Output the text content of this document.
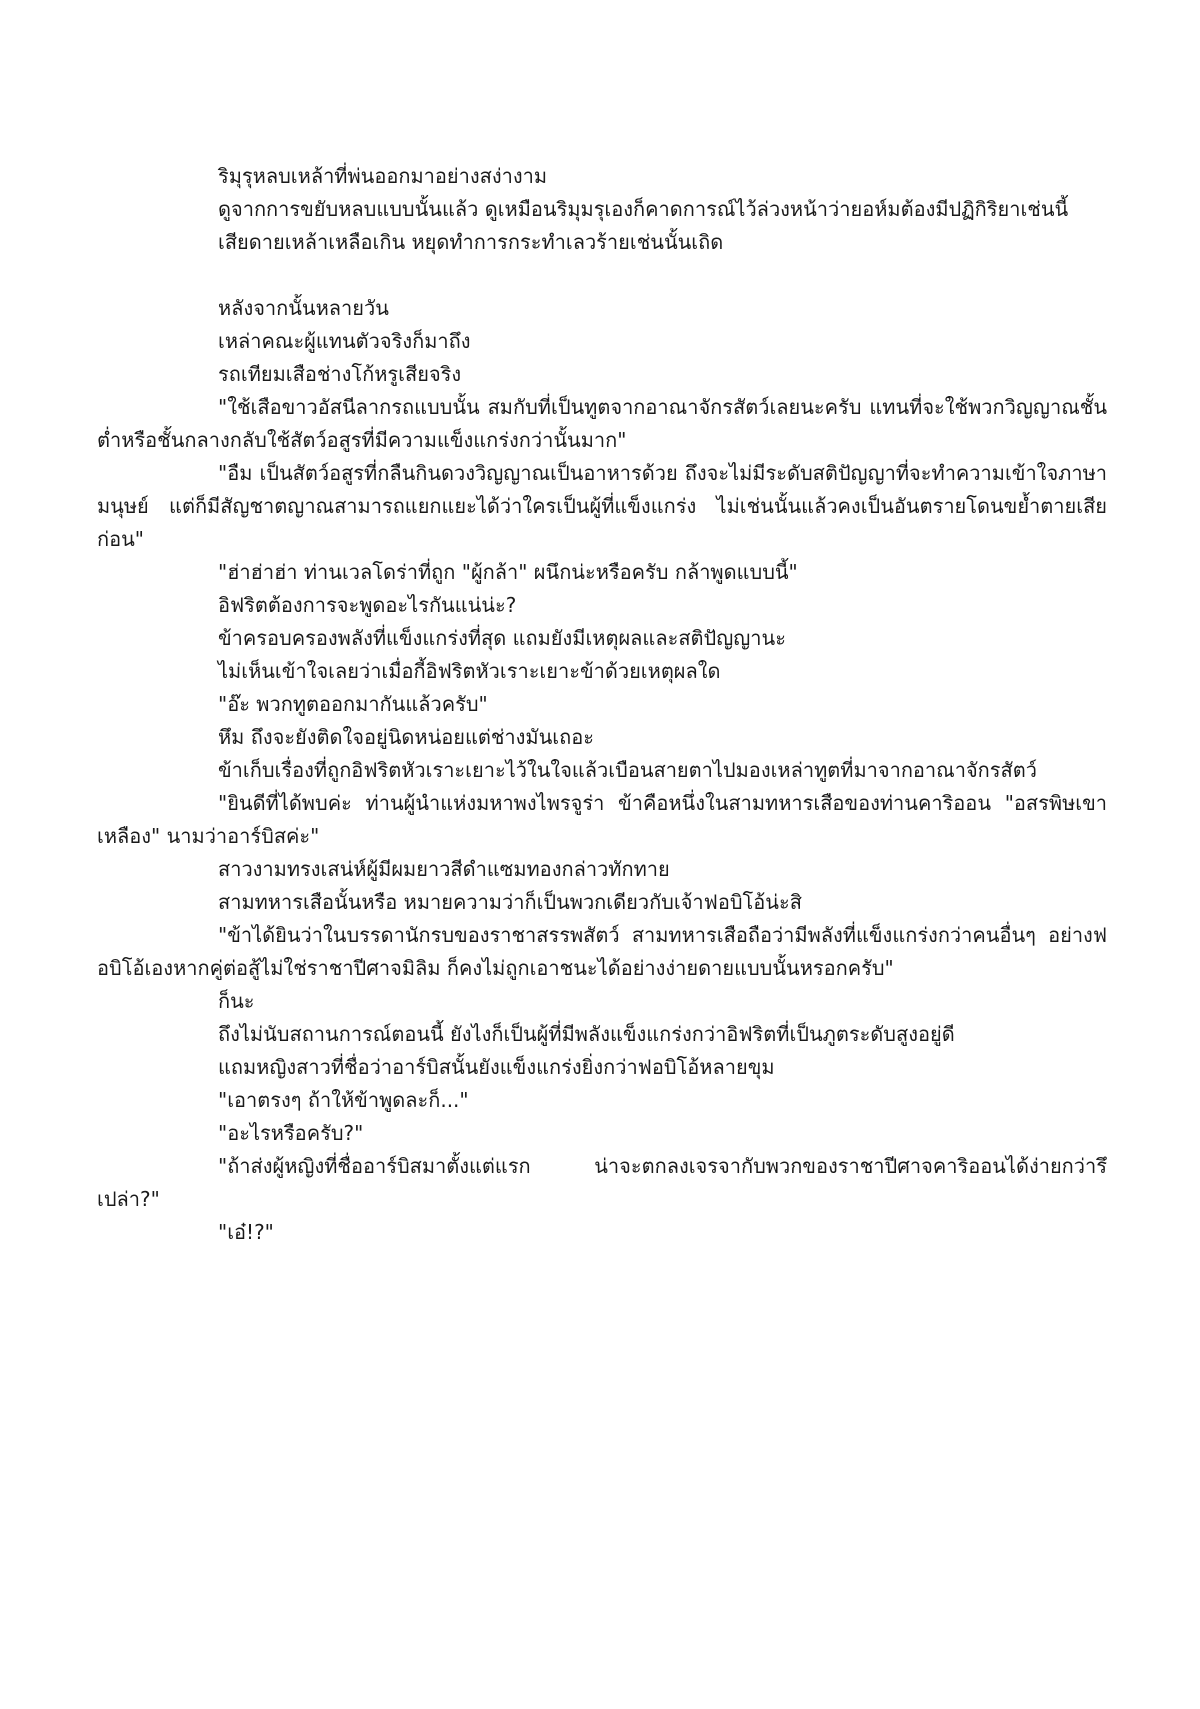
ริมุรุหลบเหล้าที่พ่นออกมาอย่างสง่างาม

ดูจากการขยับหลบแบบนั้นแล้ว ดูเหมือนริมุมรุเองก็คาดการณ์ไว้ล่วงหน้าว่ายอห์มต้องมีปฏิกิริยาเช่นนี้

เสียดายเหล้าเหลือเกิน หยุดทำการกระทำเลวร้ายเช่นนั้นเถิด

หลังจากนั้นหลายวัน

เหล่าคณะผู้แทนตัวจริงก็มาถึง

รถเทียมเสือช่างโก้หรูเสียจริง

"ใช้เสือขาวอัสนีลากรถแบบนั้น สมกับที่เป็นทูตจากอาณาจักรสัตว์เลยนะครับ แทนที่จะใช้พวกวิญญาณชั้นต่ำหรือชั้นกลางกลับใช้สัตว์อสูรที่มีความแข็งแกร่งกว่านั้นมาก"

"อืม เป็นสัตว์อสูรที่กลืนกินดวงวิญญาณเป็นอาหารด้วย ถึงจะไม่มีระดับสติปัญญาที่จะทำความเข้าใจภาษามนุษย์ แต่ก็มีสัญชาตญาณสามารถแยกแยะได้ว่าใครเป็นผู้ที่แข็งแกร่ง ไม่เช่นนั้นแล้วคงเป็นอันตรายโดนขย้ำตายเสียก่อน"

"ฮ่าฮ่าฮ่า ท่านเวลโดร่าที่ถูก "ผู้กล้า" ผนึกน่ะหรือครับ กล้าพูดแบบนี้"

อิฟริตต้องการจะพูดอะไรกันแน่น่ะ?

ข้าครอบครองพลังที่แข็งแกร่งที่สุด แถมยังมีเหตุผลและสติปัญญานะ

ไม่เห็นเข้าใจเลยว่าเมื่อกี้อิฟริตหัวเราะเยาะข้าด้วยเหตุผลใด

"อ๊ะ พวกทูตออกมากันแล้วครับ"

หึม ถึงจะยังติดใจอยู่นิดหน่อยแต่ช่างมันเถอะ

ข้าเก็บเรื่องที่ถูกอิฟริตหัวเราะเยาะไว้ในใจแล้วเบือนสายตาไปมองเหล่าทูตที่มาจากอาณาจักรสัตว์

"ยินดีที่ได้พบค่ะ ท่านผู้นำแห่งมหาพงไพรจูร่า ข้าคือหนึ่งในสามทหารเสือของท่านคาริออน "อสรพิษเขาเหลือง" นามว่าอาร์บิสค่ะ"

สาวงามทรงเสน่ห์ผู้มีผมยาวสีดำแซมทองกล่าวทักทาย

สามทหารเสือนั้นหรือ หมายความว่าก็เป็นพวกเดียวกับเจ้าฟอบิโอ้น่ะสิ

"ข้าได้ยินว่าในบรรดานักรบของราชาสรรพสัตว์ สามทหารเสือถือว่ามีพลังที่แข็งแกร่งกว่าคนอื่นๆ อย่างฟอบิโอ้เองหากคู่ต่อสู้ไม่ใช่ราชาปีศาจมิลิม ก็คงไม่ถูกเอาชนะได้อย่างง่ายดายแบบนั้นหรอกครับ"

ก็นะ

ถึงไม่นับสถานการณ์ตอนนี้ ยังไงก็เป็นผู้ที่มีพลังแข็งแกร่งกว่าอิฟริตที่เป็นภูตระดับสูงอยู่ดี

แถมหญิงสาวที่ชื่อว่าอาร์บิสนั้นยังแข็งแกร่งยิ่งกว่าฟอบิโอ้หลายขุม

"เอาตรงๆ ถ้าให้ข้าพูดละก็..."

"อะไรหรือครับ?"

"ถ้าส่งผู้หญิงที่ชื่ออาร์บิสมาตั้งแต่แรก น่าจะตกลงเจรจากับพวกของราชาปีศาจคาริออนได้ง่ายกว่ารึเปล่า?"

"เอ๋!?"
